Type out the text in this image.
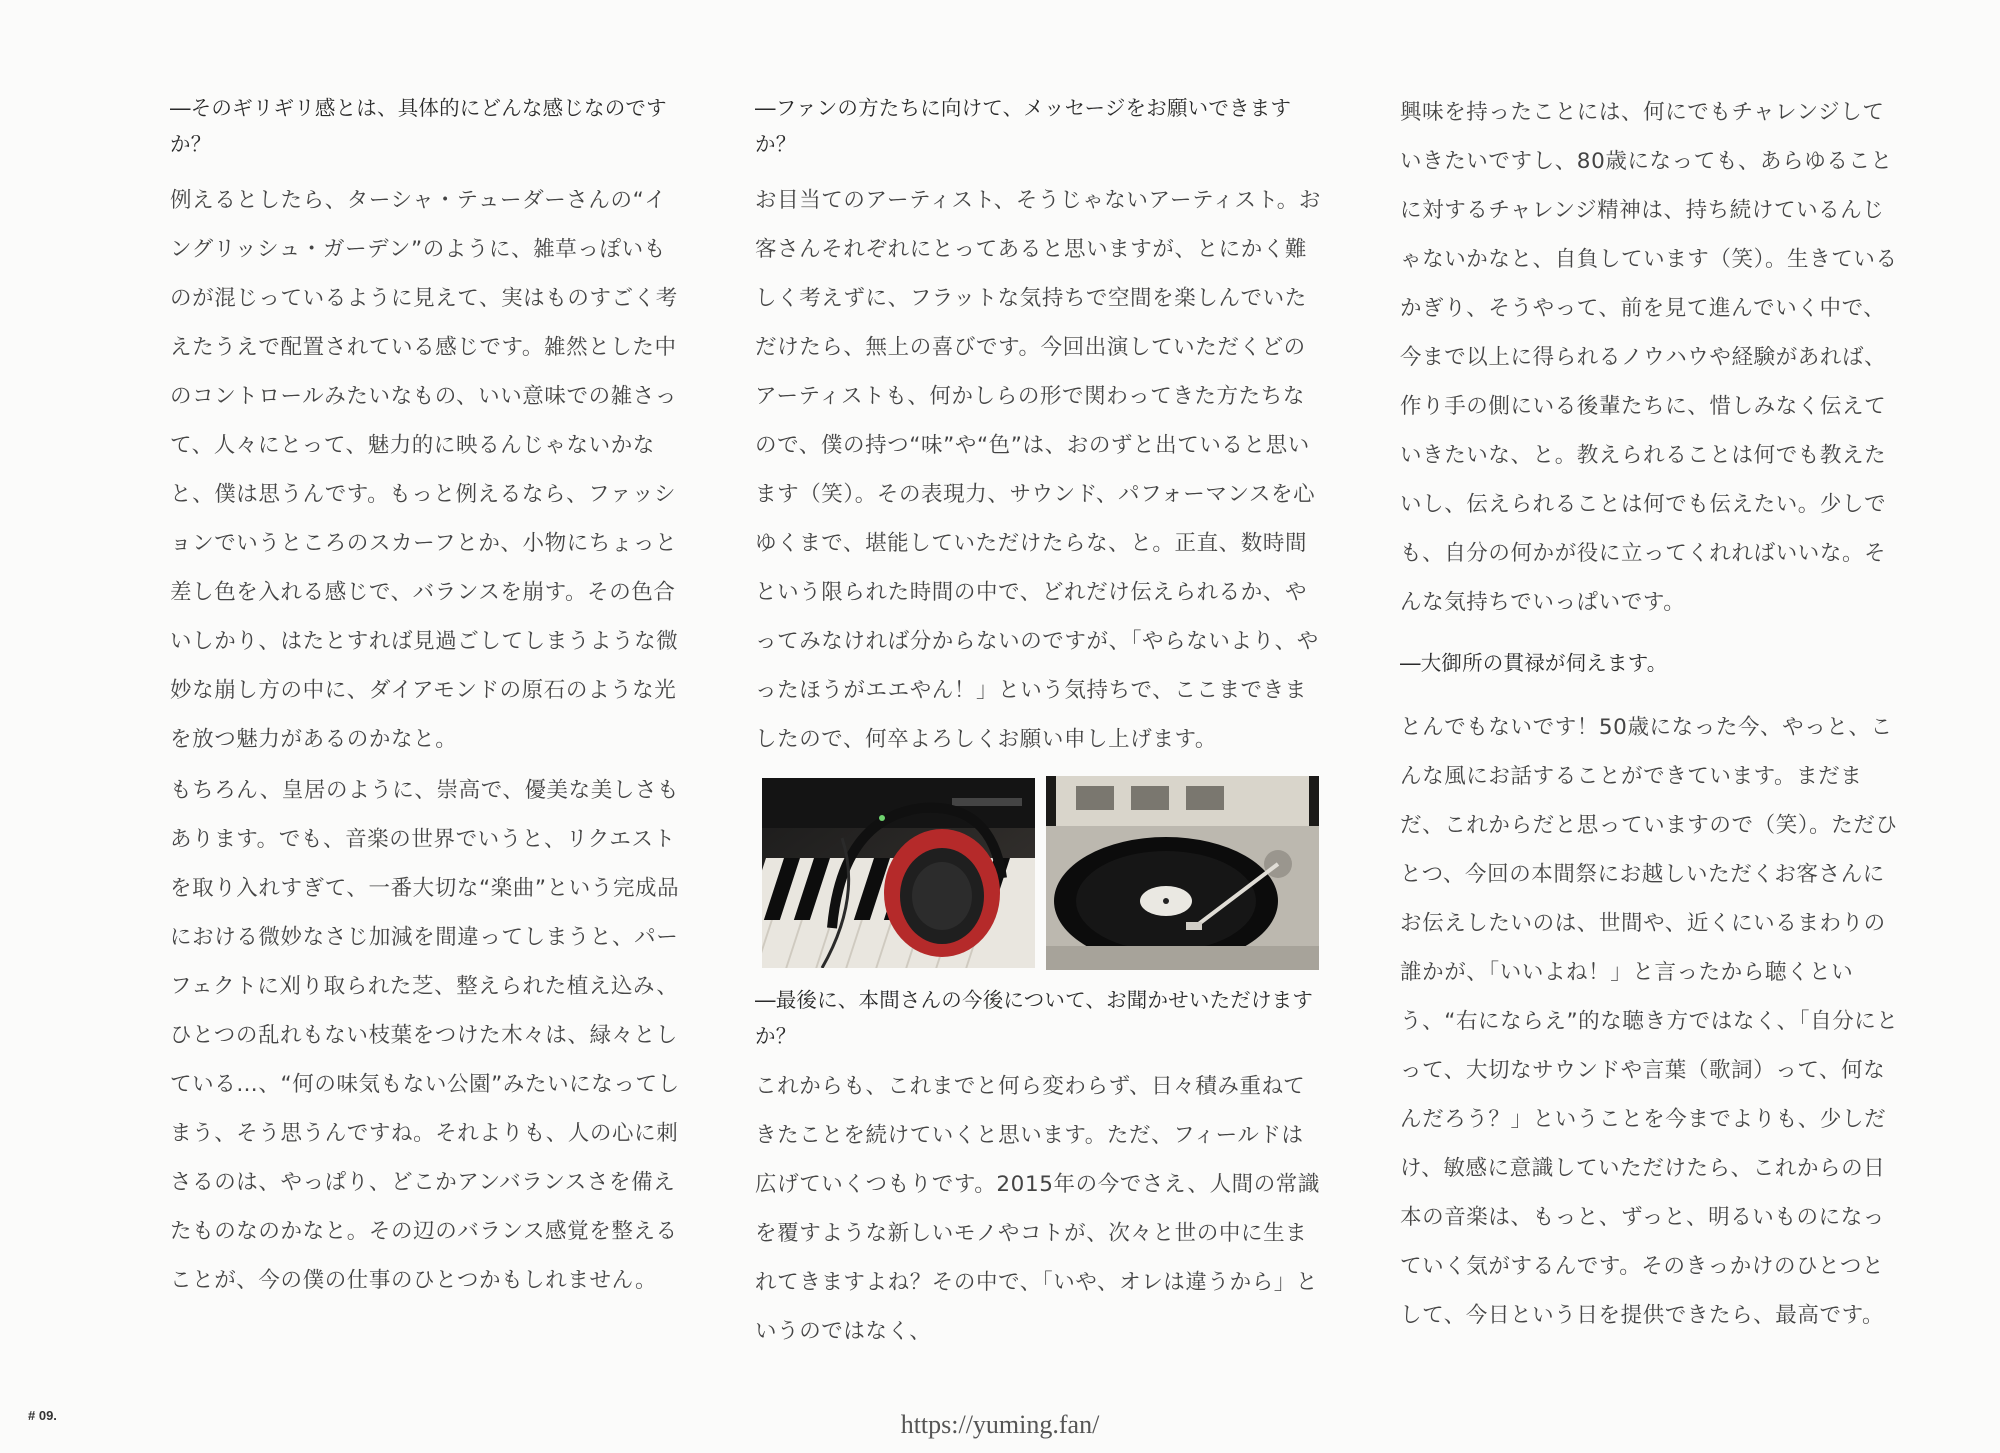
―そのギリギリ感とは、具体的にどんな感じなのですか？

例えるとしたら、ターシャ・テューダーさんの“イングリッシュ・ガーデン”のように、雑草っぽいものが混じっているように見えて、実はものすごく考えたうえで配置されている感じです。雑然とした中のコントロールみたいなもの、いい意味での雑さって、人々にとって、魅力的に映るんじゃないかなと、僕は思うんです。もっと例えるなら、ファッションでいうところのスカーフとか、小物にちょっと差し色を入れる感じで、バランスを崩す。その色合いしかり、はたとすれば見過ごしてしまうような微妙な崩し方の中に、ダイアモンドの原石のような光を放つ魅力があるのかなと。

もちろん、皇居のように、崇高で、優美な美しさもあります。でも、音楽の世界でいうと、リクエストを取り入れすぎて、一番大切な“楽曲”という完成品における微妙なさじ加減を間違ってしまうと、パーフェクトに刈り取られた芝、整えられた植え込み、ひとつの乱れもない枝葉をつけた木々は、緑々としている…、“何の味気もない公園”みたいになってしまう、そう思うんですね。それよりも、人の心に刺さるのは、やっぱり、どこかアンバランスさを備えたものなのかなと。その辺のバランス感覚を整えることが、今の僕の仕事のひとつかもしれません。

―ファンの方たちに向けて、メッセージをお願いできますか？

お目当てのアーティスト、そうじゃないアーティスト。お客さんそれぞれにとってあると思いますが、とにかく難しく考えずに、フラットな気持ちで空間を楽しんでいただけたら、無上の喜びです。今回出演していただくどのアーティストも、何かしらの形で関わってきた方たちなので、僕の持つ“味”や“色”は、おのずと出ていると思います（笑）。その表現力、サウンド、パフォーマンスを心ゆくまで、堪能していただけたらな、と。正直、数時間という限られた時間の中で、どれだけ伝えられるか、やってみなければ分からないのですが、「やらないより、やったほうがエエやん！」という気持ちで、ここまできましたので、何卒よろしくお願い申し上げます。

―最後に、本間さんの今後について、お聞かせいただけますか？

これからも、これまでと何ら変わらず、日々積み重ねてきたことを続けていくと思います。ただ、フィールドは広げていくつもりです。2015年の今でさえ、人間の常識を覆すような新しいモノやコトが、次々と世の中に生まれてきますよね？その中で、「いや、オレは違うから」というのではなく、

興味を持ったことには、何にでもチャレンジしていきたいですし、80歳になっても、あらゆることに対するチャレンジ精神は、持ち続けているんじゃないかなと、自負しています（笑）。生きているかぎり、そうやって、前を見て進んでいく中で、今まで以上に得られるノウハウや経験があれば、作り手の側にいる後輩たちに、惜しみなく伝えていきたいな、と。教えられることは何でも教えたいし、伝えられることは何でも伝えたい。少しでも、自分の何かが役に立ってくれればいいな。そんな気持ちでいっぱいです。

―大御所の貫禄が伺えます。

とんでもないです！50歳になった今、やっと、こんな風にお話することができています。まだまだ、これからだと思っていますので（笑）。ただひとつ、今回の本間祭にお越しいただくお客さんにお伝えしたいのは、世間や、近くにいるまわりの誰かが、「いいよね！」と言ったから聴くという、“右にならえ”的な聴き方ではなく、「自分にとって、大切なサウンドや言葉（歌詞）って、何なんだろう？」ということを今までよりも、少しだけ、敏感に意識していただけたら、これからの日本の音楽は、もっと、ずっと、明るいものになっていく気がするんです。そのきっかけのひとつとして、今日という日を提供できたら、最高です。

# 09.	https://yuming.fan/
